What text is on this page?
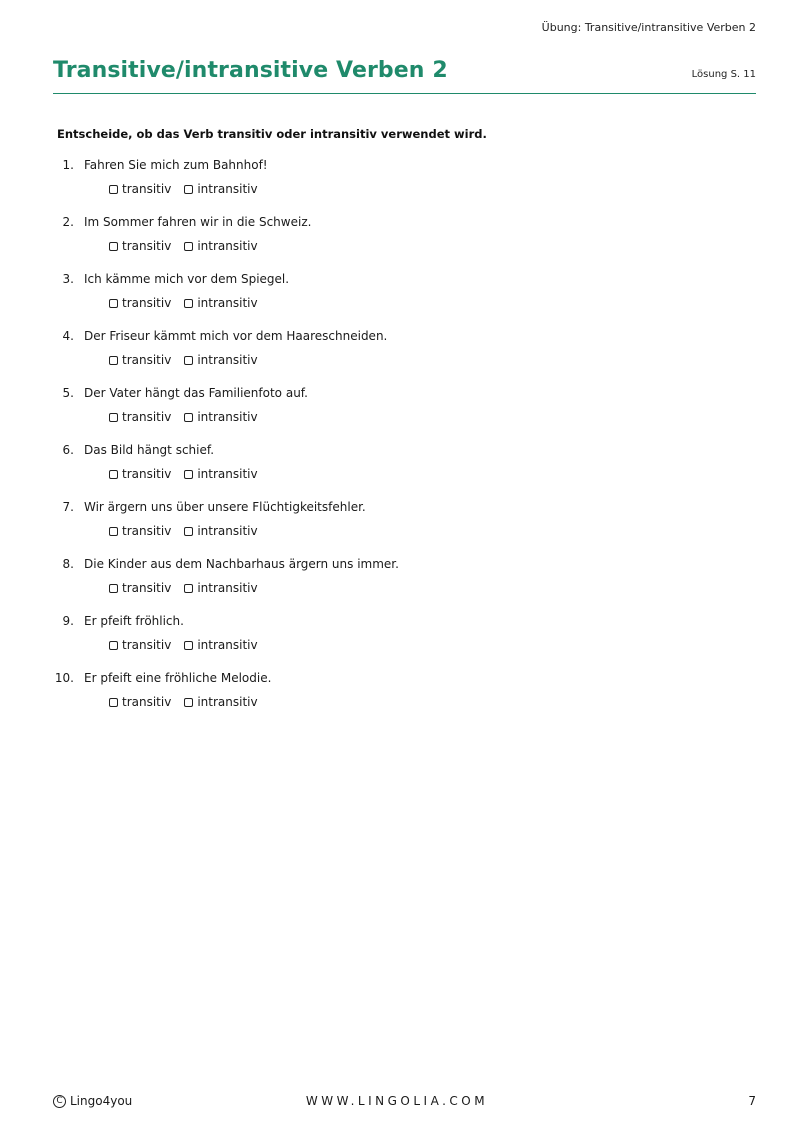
Übung: Transitive/intransitive Verben 2
Transitive/intransitive Verben 2	Lösung S. 11
Entscheide, ob das Verb transitiv oder intransitiv verwendet wird.
1. Fahren Sie mich zum Bahnhof!
transitiv intransitiv
2. Im Sommer fahren wir in die Schweiz.
transitiv intransitiv
3. Ich kämme mich vor dem Spiegel.
transitiv intransitiv
4. Der Friseur kämmt mich vor dem Haareschneiden.
transitiv intransitiv
5. Der Vater hängt das Familienfoto auf.
transitiv intransitiv
6. Das Bild hängt schief.
transitiv intransitiv
7. Wir ärgern uns über unsere Flüchtigkeitsfehler.
transitiv intransitiv
8. Die Kinder aus dem Nachbarhaus ärgern uns immer.
transitiv intransitiv
9. Er pfeift fröhlich.
transitiv intransitiv
10. Er pfeift eine fröhliche Melodie.
transitiv intransitiv
C Lingo4you	WWW.LINGOLIA.COM	7
